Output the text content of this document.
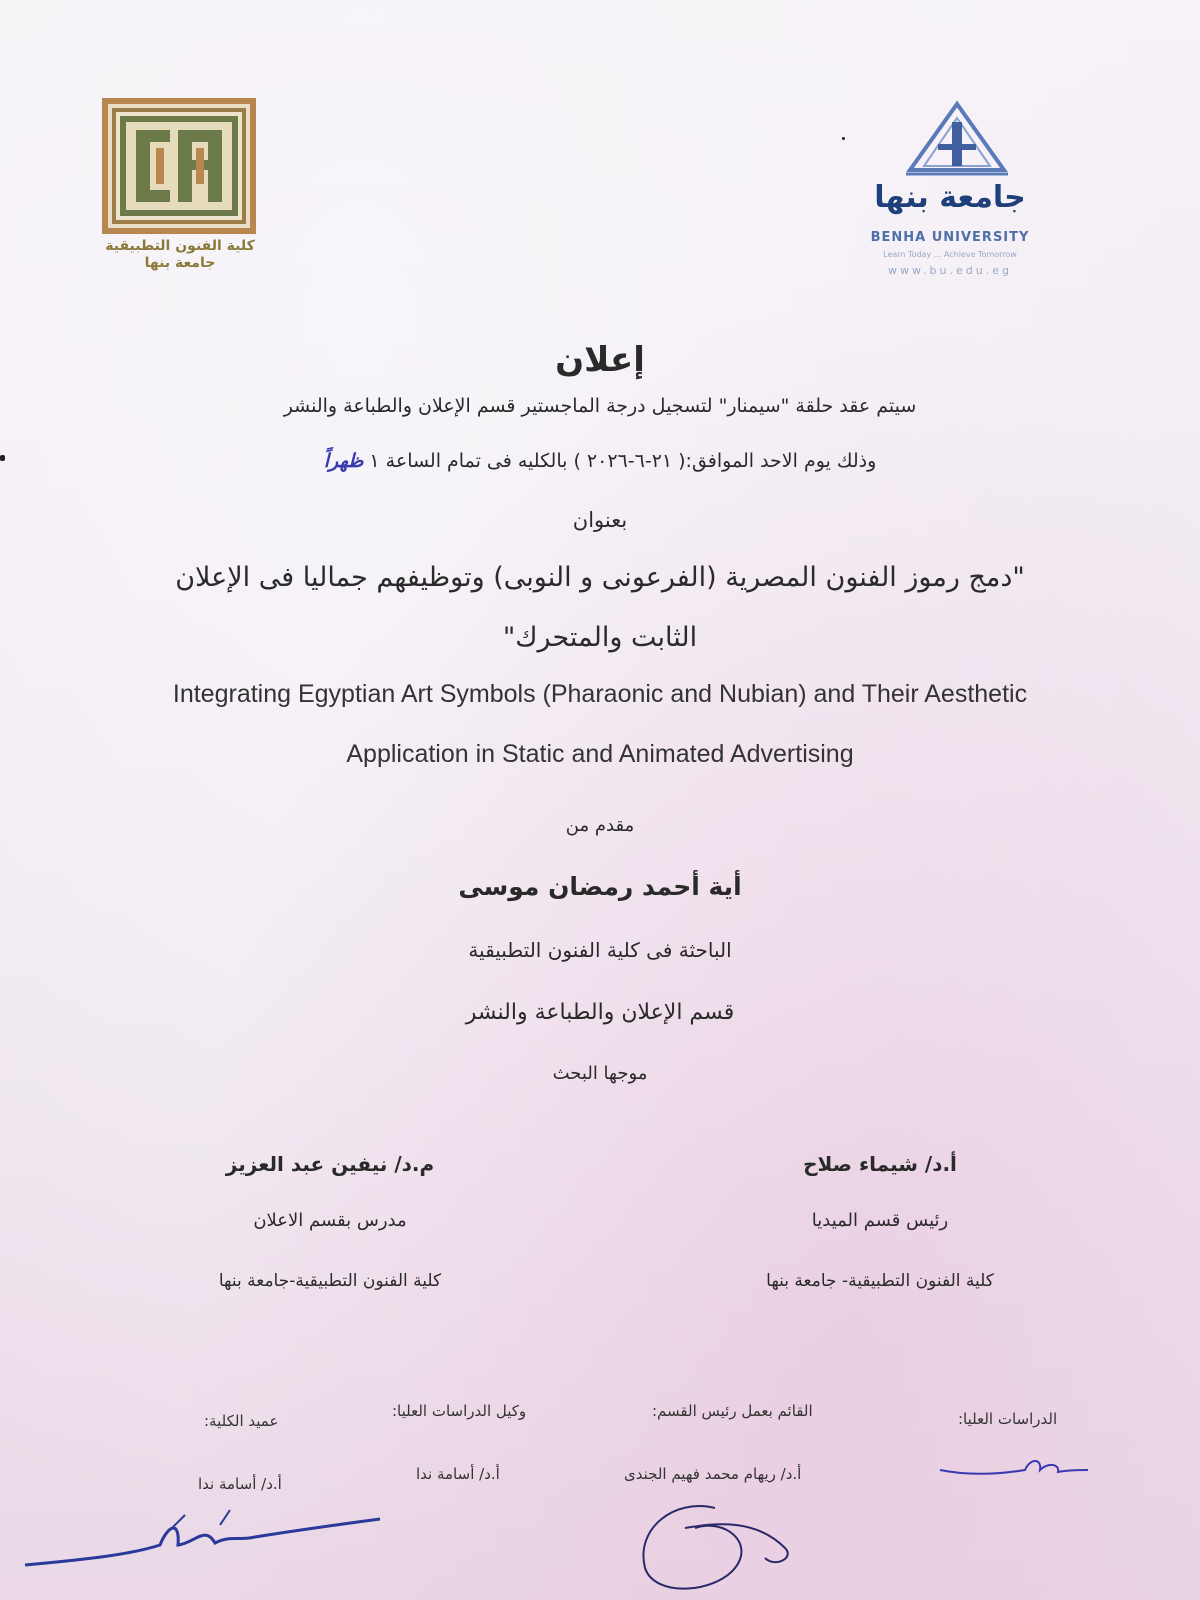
كلية الفنون التطبيقية
جامعة بنها
جامعة بنها
BENHA UNIVERSITY
Learn Today ... Achieve Tomorrow
www.bu.edu.eg
إعلان
سيتم عقد حلقة "سيمنار" لتسجيل درجة الماجستير قسم الإعلان والطباعة والنشر
وذلك يوم الاحد الموافق:( ٢١-٦-٢٠٢٦ ) بالكليه فى تمام الساعة ١ ظهراً
بعنوان
"دمج رموز الفنون المصرية (الفرعونى و النوبى) وتوظيفهم جماليا فى الإعلان
الثابت والمتحرك"
Integrating Egyptian Art Symbols (Pharaonic and Nubian) and Their Aesthetic
Application in Static and Animated Advertising
مقدم من
أية أحمد رمضان موسى
الباحثة فى كلية الفنون التطبيقية
قسم الإعلان والطباعة والنشر
موجها البحث
أ.د/ شيماء صلاح
رئيس قسم الميديا
كلية الفنون التطبيقية- جامعة بنها
م.د/ نيفين عبد العزيز
مدرس بقسم الاعلان
كلية الفنون التطبيقية-جامعة بنها
الدراسات العليا:
القائم بعمل رئيس القسم:
وكيل الدراسات العليا:
عميد الكلية:
أ.د/ ريهام محمد فهيم الجندى
أ.د/ أسامة ندا
أ.د/ أسامة ندا
